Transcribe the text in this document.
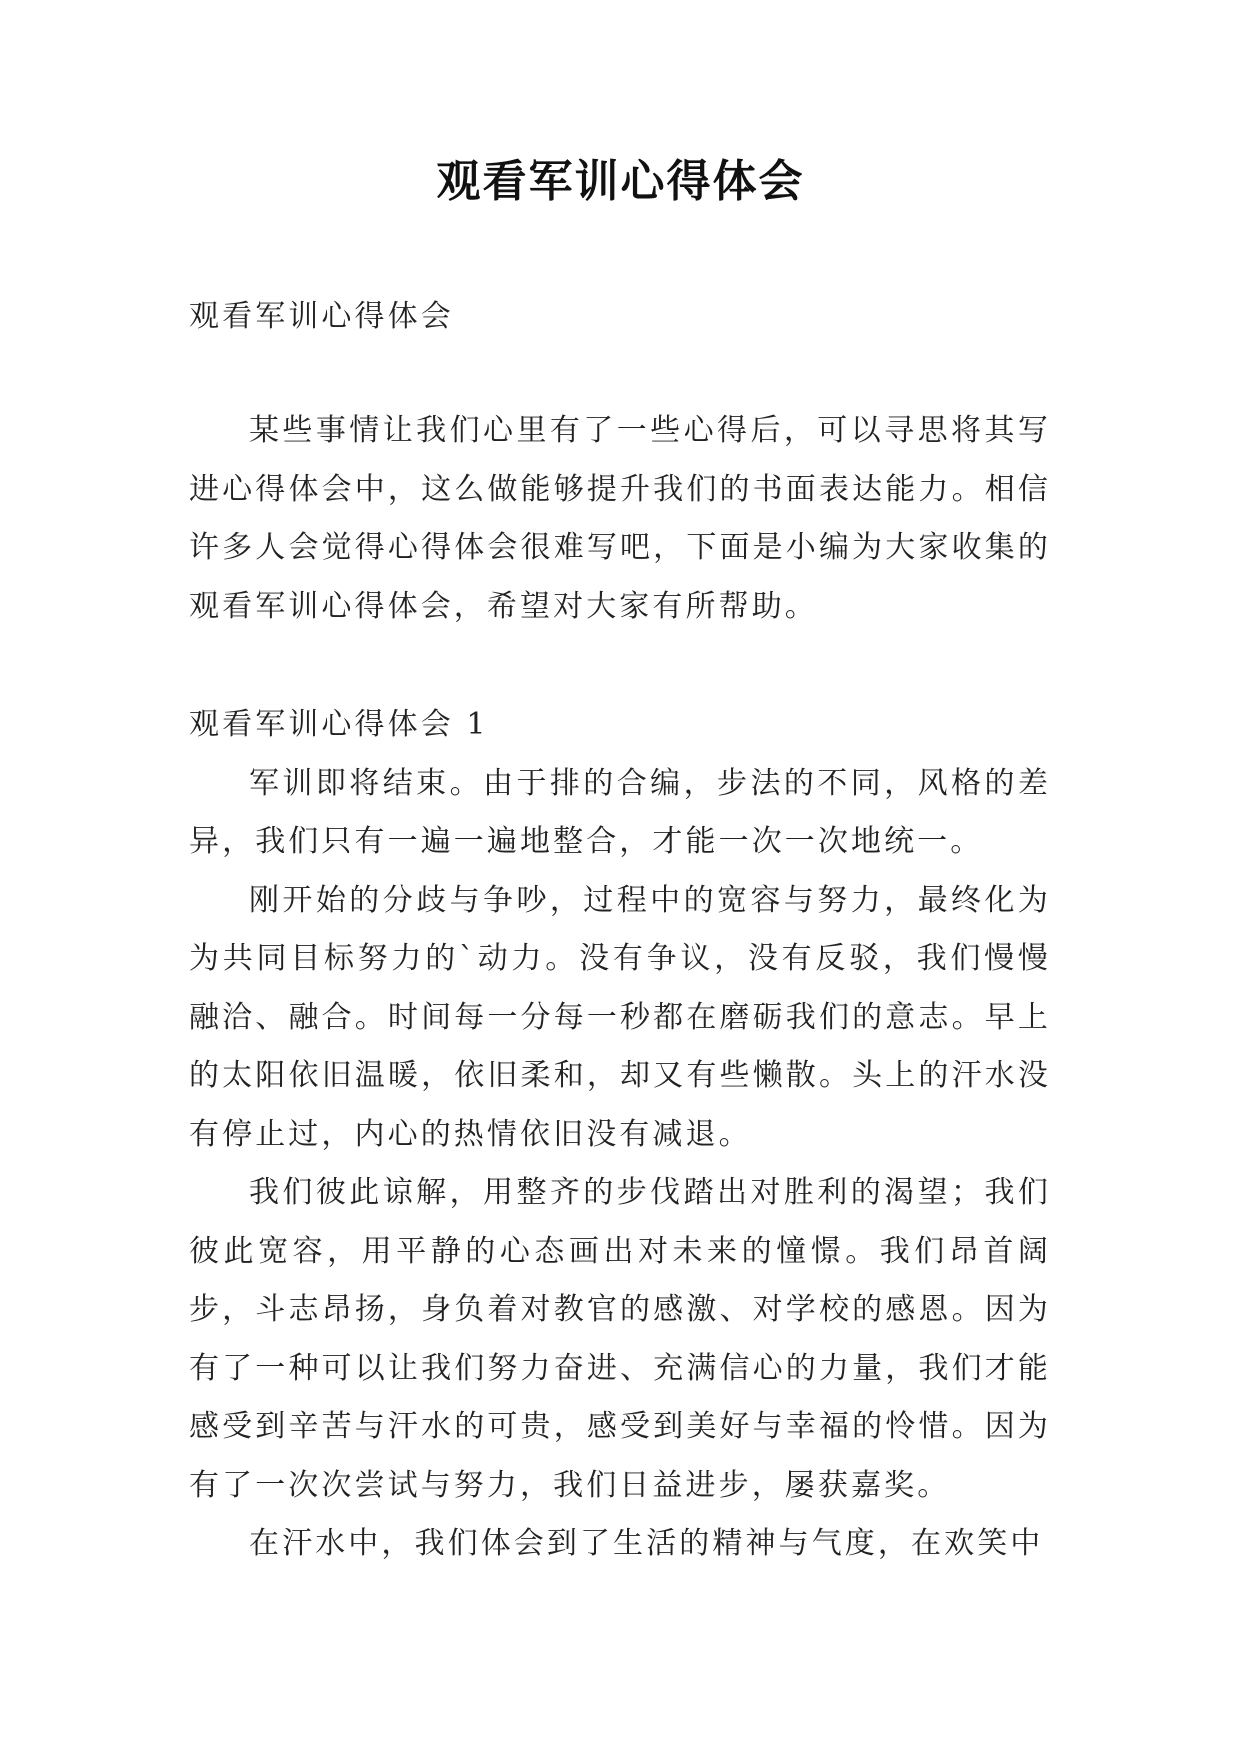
观看军训心得体会
观看军训心得体会

某些事情让我们心里有了一些心得后，可以寻思将其写进心得体会中，这么做能够提升我们的书面表达能力。相信许多人会觉得心得体会很难写吧，下面是小编为大家收集的观看军训心得体会，希望对大家有所帮助。

观看军训心得体会 1

军训即将结束。由于排的合编，步法的不同，风格的差异，我们只有一遍一遍地整合，才能一次一次地统一。

刚开始的分歧与争吵，过程中的宽容与努力，最终化为为共同目标努力的`动力。没有争议，没有反驳，我们慢慢融洽、融合。时间每一分每一秒都在磨砺我们的意志。早上的太阳依旧温暖，依旧柔和，却又有些懒散。头上的汗水没有停止过，内心的热情依旧没有减退。

我们彼此谅解，用整齐的步伐踏出对胜利的渴望；我们彼此宽容，用平静的心态画出对未来的憧憬。我们昂首阔步，斗志昂扬，身负着对教官的感激、对学校的感恩。因为有了一种可以让我们努力奋进、充满信心的力量，我们才能感受到辛苦与汗水的可贵，感受到美好与幸福的怜惜。因为有了一次次尝试与努力，我们日益进步，屡获嘉奖。

在汗水中，我们体会到了生活的精神与气度，在欢笑中
